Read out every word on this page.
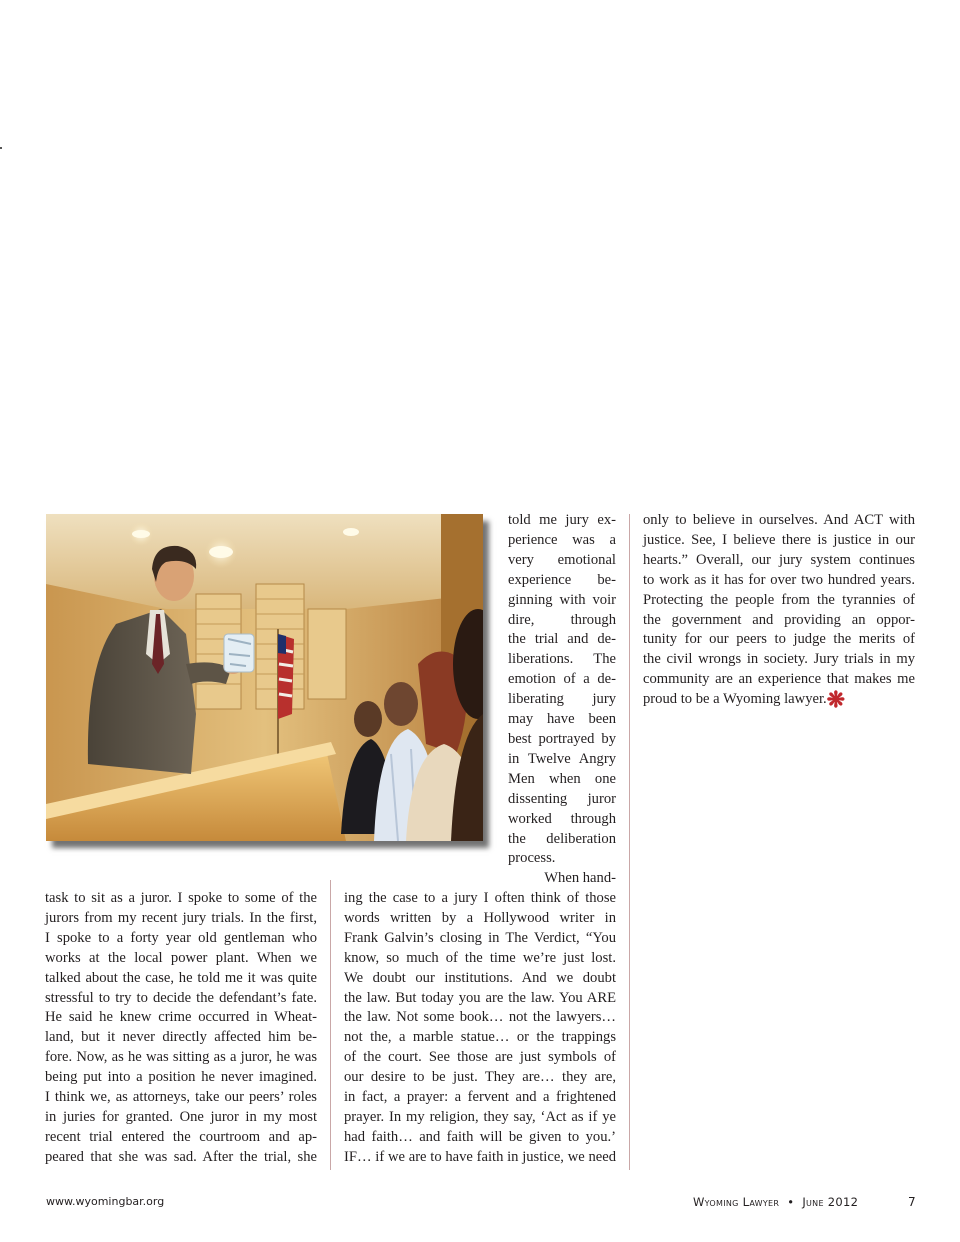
told me jury ex-
perience was a
very emotional
experience be-
ginning with voir
dire, through
the trial and de-
liberations. The
emotion of a de-
liberating jury
may have been
best portrayed by
in Twelve Angry
Men when one
dissenting juror
worked through
the deliberation
process.
When hand-
ing the case to a jury I often think of those
words written by a Hollywood writer in
Frank Galvin’s closing in The Verdict, “You
know, so much of the time we’re just lost.
We doubt our institutions. And we doubt
the law. But today you are the law. You ARE
the law. Not some book… not the lawyers…
not the, a marble statue… or the trappings
of the court. See those are just symbols of
our desire to be just. They are… they are,
in fact, a prayer: a fervent and a frightened
prayer. In my religion, they say, ‘Act as if ye
had faith… and faith will be given to you.’
IF… if we are to have faith in justice, we need
task to sit as a juror. I spoke to some of the
jurors from my recent jury trials. In the first,
I spoke to a forty year old gentleman who
works at the local power plant. When we
talked about the case, he told me it was quite
stressful to try to decide the defendant’s fate.
He said he knew crime occurred in Wheat-
land, but it never directly affected him be-
fore. Now, as he was sitting as a juror, he was
being put into a position he never imagined.
I think we, as attorneys, take our peers’ roles
in juries for granted. One juror in my most
recent trial entered the courtroom and ap-
peared that she was sad. After the trial, she
only to believe in ourselves. And ACT with
justice. See, I believe there is justice in our
hearts.” Overall, our jury system continues
to work as it has for over two hundred years.
Protecting the people from the tyrannies of
the government and providing an oppor-
tunity for our peers to judge the merits of
the civil wrongs in society. Jury trials in my
community are an experience that makes me
proud to be a Wyoming lawyer.❋
www.wyomingbar.org	Wyoming Lawyer • June 2012	7
